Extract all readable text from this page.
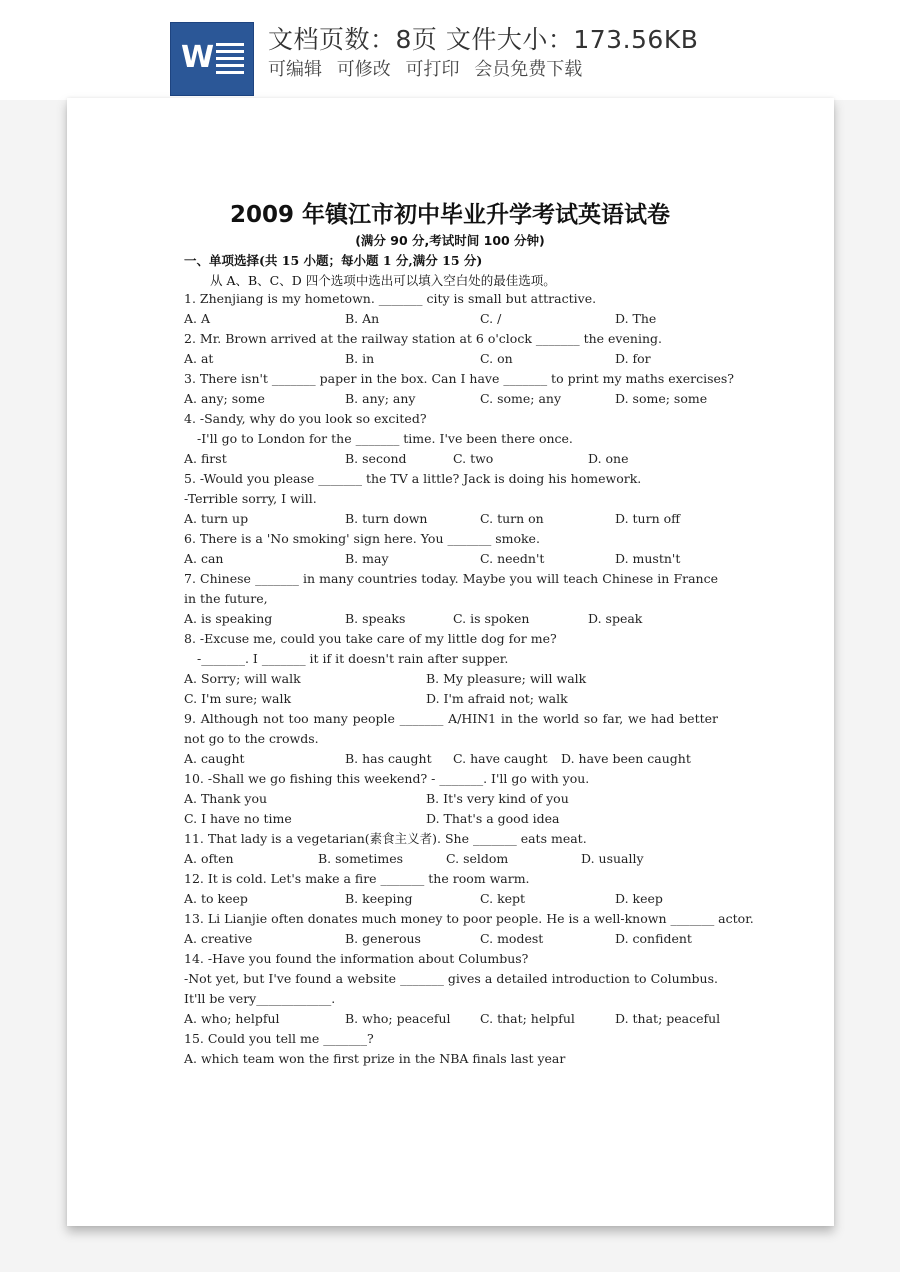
W
文档页数：8页 文件大小：173.56KB
可编辑 可修改 可打印 会员免费下载
2009 年镇江市初中毕业升学考试英语试卷
(满分 90 分,考试时间 100 分钟)
一、单项选择(共 15 小题；每小题 1 分,满分 15 分)
从 A、B、C、D 四个选项中选出可以填入空白处的最佳选项。
1. Zhenjiang is my hometown. _______ city is small but attractive.
A. A	B. An	C. /	D. The
2. Mr. Brown arrived at the railway station at 6 o'clock _______ the evening.
A. at	B. in	C. on	D. for
3. There isn't _______ paper in the box. Can I have _______ to print my maths exercises?
A. any; some	B. any; any	C. some; any	D. some; some
4. -Sandy, why do you look so excited?
-I'll go to London for the _______ time. I've been there once.
A. first	B. second	C. two	D. one
5. -Would you please _______ the TV a little? Jack is doing his homework.
-Terrible sorry, I will.
A. turn up	B. turn down	C. turn on	D. turn off
6. There is a 'No smoking' sign here. You _______ smoke.
A. can	B. may	C. needn't	D. mustn't
7. Chinese _______ in many countries today. Maybe you will teach Chinese in France in the future,
A. is speaking	B. speaks	C. is spoken	D. speak
8. -Excuse me, could you take care of my little dog for me?
-_______. I _______ it if it doesn't rain after supper.
A. Sorry; will walk	B. My pleasure; will walk
C. I'm sure; walk	D. I'm afraid not; walk
9. Although not too many people _______ A/HIN1 in the world so far, we had better not go to the crowds.
A. caught	B. has caught C. have caught D. have been caught
10. -Shall we go fishing this weekend? - _______. I'll go with you.
A. Thank you	B. It's very kind of you
C. I have no time	D. That's a good idea
11. That lady is a vegetarian(素食主义者). She _______ eats meat.
A. often	B. sometimes	C. seldom	D. usually
12. It is cold. Let's make a fire _______ the room warm.
A. to keep	B. keeping	C. kept	D. keep
13. Li Lianjie often donates much money to poor people. He is a well-known _______ actor.
A. creative	B. generous	C. modest	D. confident
14. -Have you found the information about Columbus?
-Not yet, but I've found a website _______ gives a detailed introduction to Columbus. It'll be very____________.
A. who; helpful	B. who; peaceful C. that; helpful	D. that; peaceful
15. Could you tell me _______?
A. which team won the first prize in the NBA finals last year
